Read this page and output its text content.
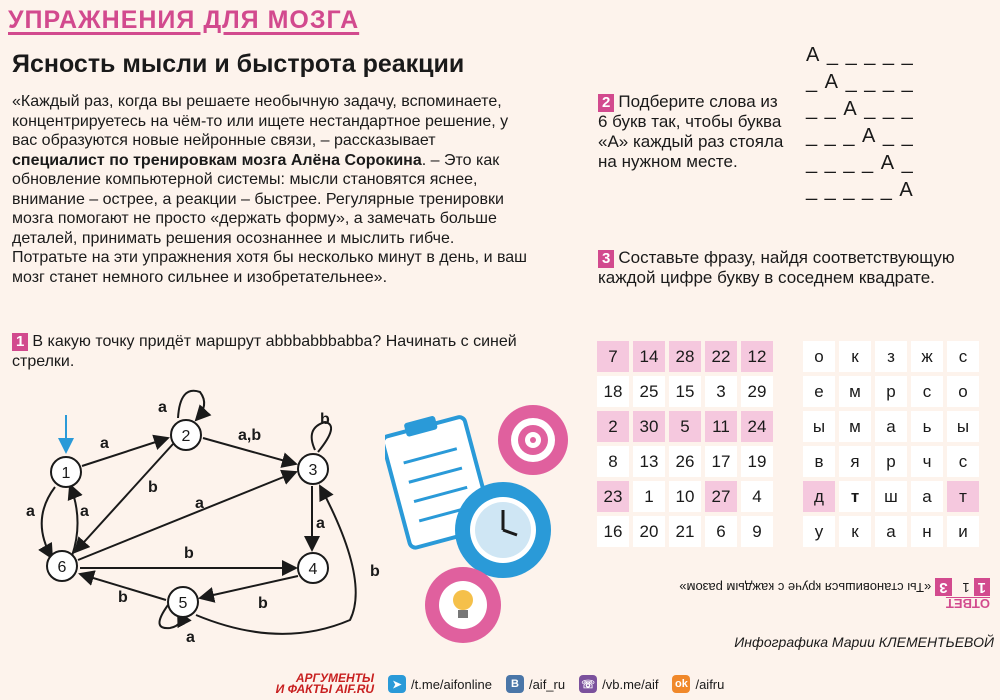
УПРАЖНЕНИЯ ДЛЯ МОЗГА
Ясность мысли и быстрота реакции
«Каждый раз, когда вы решаете необычную задачу, вспоминаете, концентрируетесь на чём-то или ищете нестандартное решение, у вас образуются новые нейронные связи, – рассказывает специалист по тренировкам мозга Алёна Сорокина. – Это как обновление компьютерной системы: мысли становятся яснее, внимание – острее, а реакции – быстрее. Регулярные тренировки мозга помогают не просто «держать форму», а замечать больше деталей, принимать решения осознаннее и мыслить гибче. Потратьте на эти упражнения хотя бы несколько минут в день, и ваш мозг станет немного сильнее и изобретательнее».
1 В какую точку придёт маршрут abbbabbbabba? Начинать с синей стрелки.
2 Подберите слова из 6 букв так, чтобы буква «А» каждый раз стояла на нужном месте.
3 Составьте фразу, найдя соответствующую каждой цифре букву в соседнем квадрате.
А _ _ _ _ _
_ А _ _ _ _
_ _ А _ _ _
_ _ _ А _ _
_ _ _ _ А _
_ _ _ _ _ А
a
a
a,b
b
b
a
b
a
a	a
b	b
b
a
1
2
3
4
5
6
7	14	28	22	12
18	25	15	3	29
2	30	5	11	24
8	13	26	17	19
23	1	10	27	4
16	20	21	6	9
о	к	з	ж	с
е	м	р	с	о
ы	м	а	ь	ы
в	я	р	ч	с
д	т	ш	а	т
у	к	а	н	и
ОТВЕТ
11   3«Ты становишься круче с каждым разом»
Инфографика Марии КЛЕМЕНТЬЕВОЙ
АРГУМЕНТЫ
И ФАКТЫ AIF.RU	➤ /t.me/aifonline	B /aif_ru ☏ /vb.me/aif ok /aifru
